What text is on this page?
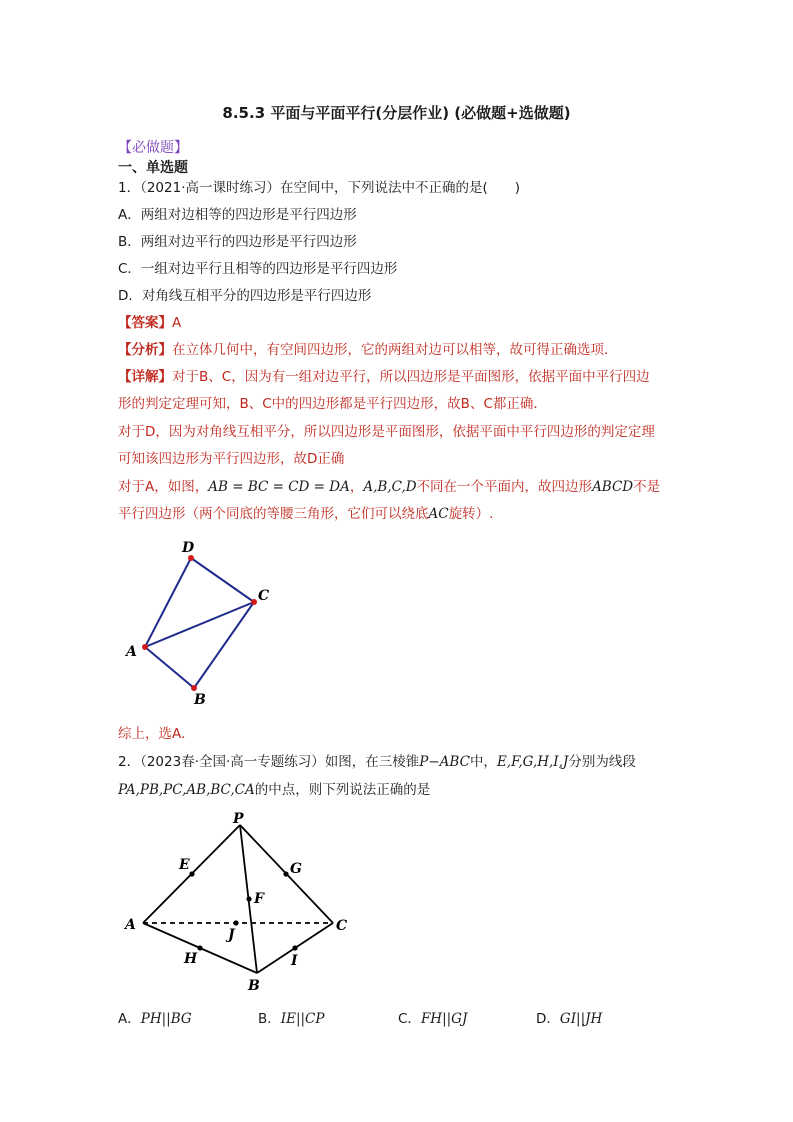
8.5.3 平面与平面平行(分层作业) (必做题+选做题)
【必做题】
一、单选题
1．（2021·高一课时练习）在空间中，下列说法中不正确的是(　　)
A．两组对边相等的四边形是平行四边形
B．两组对边平行的四边形是平行四边形
C．一组对边平行且相等的四边形是平行四边形
D．对角线互相平分的四边形是平行四边形
【答案】A
【分析】在立体几何中，有空间四边形，它的两组对边可以相等，故可得正确选项．
【详解】对于B、C，因为有一组对边平行，所以四边形是平面图形，依据平面中平行四边
形的判定定理可知，B、C中的四边形都是平行四边形，故B、C都正确．
对于D，因为对角线互相平分，所以四边形是平面图形，依据平面中平行四边形的判定定理
可知该四边形为平行四边形，故D正确
对于A，如图，AB = BC = CD = DA，A,B,C,D不同在一个平面内，故四边形ABCD不是
平行四边形（两个同底的等腰三角形，它们可以绕底AC旋转）.
D
C
A
B
综上，选A．
2．（2023春·全国·高一专题练习）如图，在三棱锥P−ABC中，E,F,G,H,I,J分别为线段
PA,PB,PC,AB,BC,CA的中点，则下列说法正确的是
P
E	G
F
A
J
C
H	I
B
A．PH||BG	B．IE||CP	C．FH||GJ	D．GI||JH
